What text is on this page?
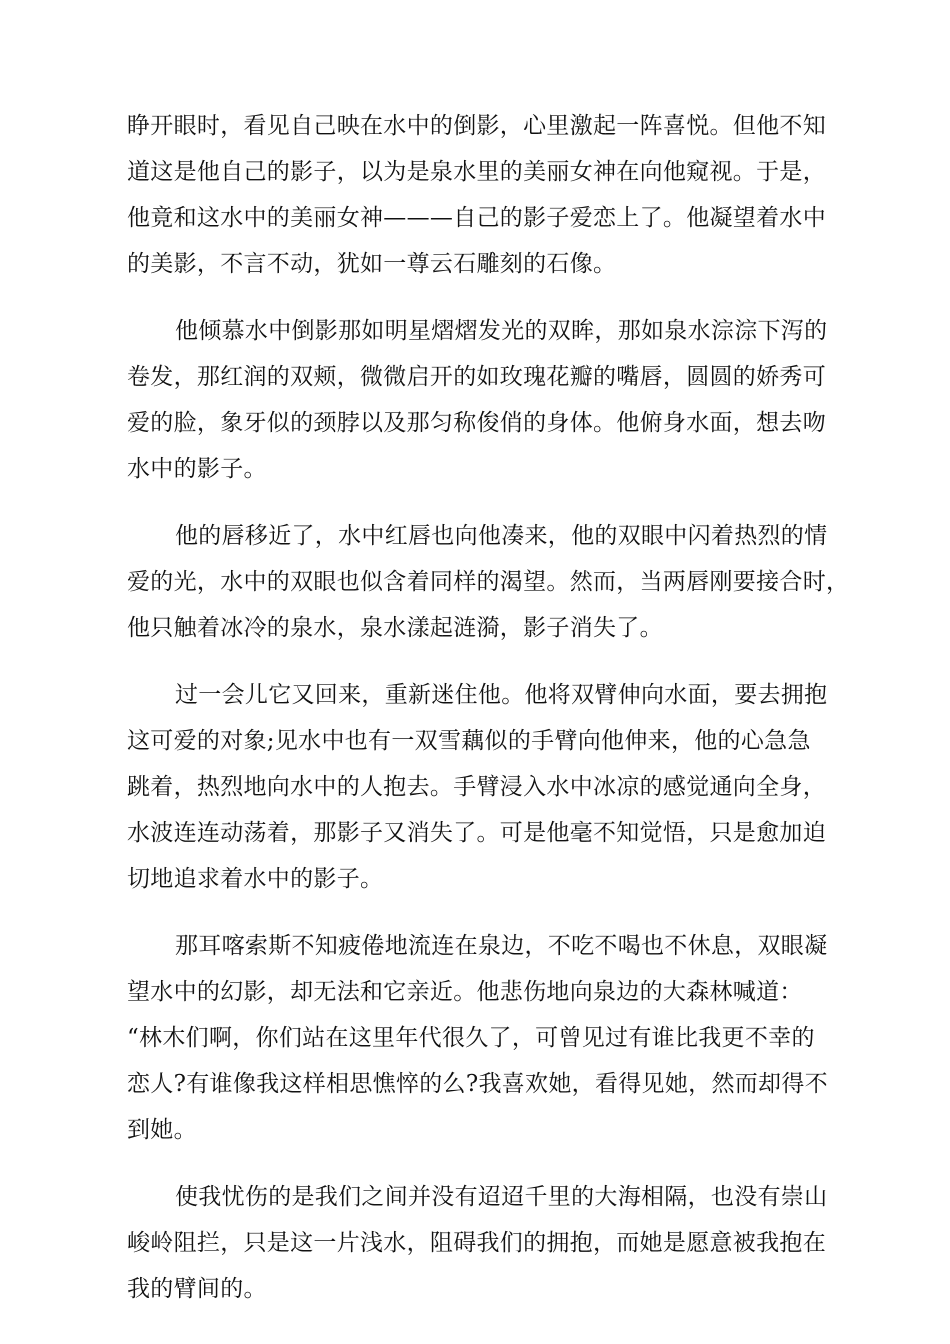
睁开眼时，看见自己映在水中的倒影，心里激起一阵喜悦。但他不知
道这是他自己的影子，以为是泉水里的美丽女神在向他窥视。于是，
他竟和这水中的美丽女神———自己的影子爱恋上了。他凝望着水中
的美影，不言不动，犹如一尊云石雕刻的石像。
他倾慕水中倒影那如明星熠熠发光的双眸，那如泉水淙淙下泻的
卷发，那红润的双颊，微微启开的如玫瑰花瓣的嘴唇，圆圆的娇秀可
爱的脸，象牙似的颈脖以及那匀称俊俏的身体。他俯身水面，想去吻
水中的影子。
他的唇移近了，水中红唇也向他凑来，他的双眼中闪着热烈的情
爱的光，水中的双眼也似含着同样的渴望。然而，当两唇刚要接合时，
他只触着冰冷的泉水，泉水漾起涟漪，影子消失了。
过一会儿它又回来，重新迷住他。他将双臂伸向水面，要去拥抱
这可爱的对象;见水中也有一双雪藕似的手臂向他伸来，他的心急急
跳着，热烈地向水中的人抱去。手臂浸入水中冰凉的感觉通向全身，
水波连连动荡着，那影子又消失了。可是他毫不知觉悟，只是愈加迫
切地追求着水中的影子。
那耳喀索斯不知疲倦地流连在泉边，不吃不喝也不休息，双眼凝
望水中的幻影，却无法和它亲近。他悲伤地向泉边的大森林喊道：
“林木们啊，你们站在这里年代很久了，可曾见过有谁比我更不幸的
恋人?有谁像我这样相思憔悴的么?我喜欢她，看得见她，然而却得不
到她。
使我忧伤的是我们之间并没有迢迢千里的大海相隔，也没有崇山
峻岭阻拦，只是这一片浅水，阻碍我们的拥抱，而她是愿意被我抱在
我的臂间的。
